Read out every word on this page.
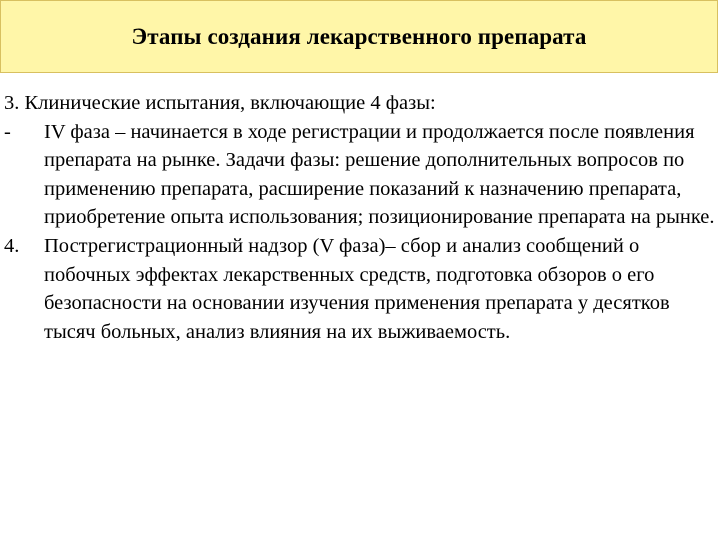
Этапы создания лекарственного препарата
3. Клинические испытания, включающие 4 фазы:
- IV фаза – начинается в ходе регистрации и продолжается после появления препарата на рынке. Задачи фазы: решение дополнительных вопросов по применению препарата, расширение показаний к назначению препарата, приобретение опыта использования; позиционирование препарата на рынке.
4. Пострегистрационный надзор (V фаза)– сбор и анализ сообщений о побочных эффектах лекарственных средств, подготовка обзоров о его безопасности на основании изучения применения препарата у десятков тысяч больных, анализ влияния на их выживаемость.
